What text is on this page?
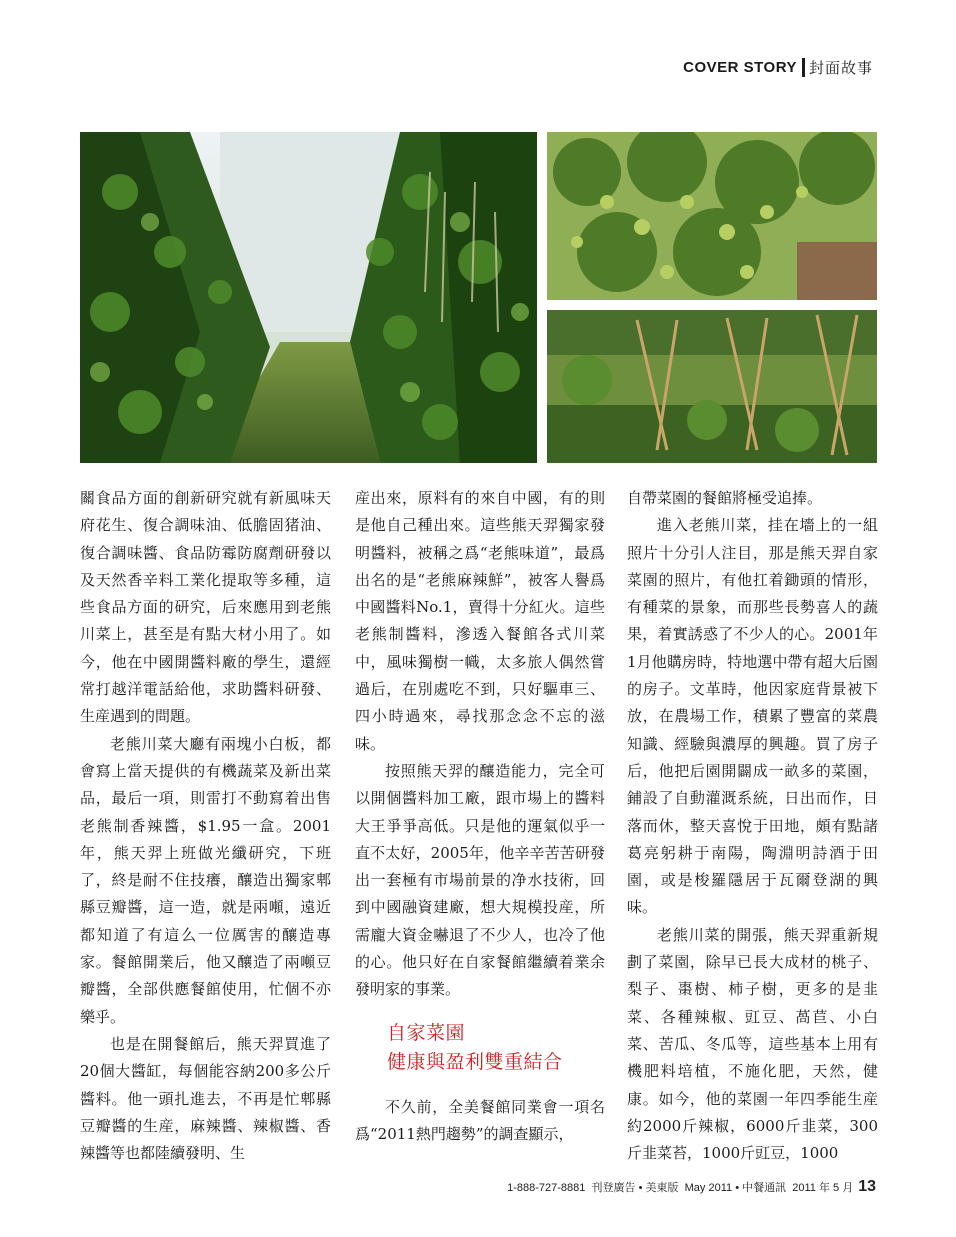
COVER STORY 封面故事

關食品方面的創新研究就有新風味天府花生、復合調味油、低膽固猪油、復合調味醬、食品防霉防腐劑研發以及天然香辛料工業化提取等多種，這些食品方面的研究，后來應用到老熊川菜上，甚至是有點大材小用了。如今，他在中國開醬料廠的學生，還經常打越洋電話給他，求助醬料研發、生産遇到的問題。

老熊川菜大廳有兩塊小白板，都會寫上當天提供的有機蔬菜及新出菜品，最后一項，則雷打不動寫着出售老熊制香辣醬，$1.95一盒。2001年，熊天羿上班做光纖研究，下班了，終是耐不住技癢，釀造出獨家郫縣豆瓣醬，這一造，就是兩噸，遠近都知道了有這么一位厲害的釀造專家。餐館開業后，他又釀造了兩噸豆瓣醬，全部供應餐館使用，忙個不亦樂乎。

也是在開餐館后，熊天羿買進了20個大醬缸，每個能容納200多公斤醬料。他一頭扎進去，不再是忙郫縣豆瓣醬的生産，麻辣醬、辣椒醬、香辣醬等也都陸續發明、生

産出來，原料有的來自中國，有的則是他自己種出來。這些熊天羿獨家發明醬料，被稱之爲“老熊味道”，最爲出名的是“老熊麻辣鮮”，被客人譽爲中國醬料No.1，賣得十分紅火。這些老熊制醬料，滲透入餐館各式川菜中，風味獨樹一幟，太多旅人偶然嘗過后，在別處吃不到，只好驅車三、四小時過來，尋找那念念不忘的滋味。

按照熊天羿的釀造能力，完全可以開個醬料加工廠，跟市場上的醬料大王爭爭高低。只是他的運氣似乎一直不太好，2005年，他辛辛苦苦研發出一套極有市場前景的净水技術，回到中國融資建廠，想大規模投産，所需龐大資金嚇退了不少人，也冷了他的心。他只好在自家餐館繼續着業余發明家的事業。

自家菜園
健康與盈利雙重結合

不久前，全美餐館同業會一項名爲“2011熱門趨勢”的調查顯示，

自帶菜園的餐館將極受追捧。

進入老熊川菜，挂在墻上的一組照片十分引人注目，那是熊天羿自家菜園的照片，有他扛着鋤頭的情形，有種菜的景象，而那些長勢喜人的蔬果，着實誘惑了不少人的心。2001年1月他購房時，特地選中帶有超大后園的房子。文革時，他因家庭背景被下放，在農場工作，積累了豐富的菜農知識、經驗與濃厚的興趣。買了房子后，他把后園開闢成一畝多的菜園，鋪設了自動灌溉系統，日出而作，日落而休，整天喜悅于田地，頗有點諸葛亮躬耕于南陽，陶淵明詩酒于田園，或是梭羅隱居于瓦爾登湖的興味。

老熊川菜的開張，熊天羿重新規劃了菜園，除早已長大成材的桃子、梨子、棗樹、柿子樹，更多的是韭菜、各種辣椒、豇豆、萵苣、小白菜、苦瓜、冬瓜等，這些基本上用有機肥料培植，不施化肥，天然，健康。如今，他的菜園一年四季能生産約2000斤辣椒，6000斤韭菜，300斤韭菜苔，1000斤豇豆，1000

1-888-727-8881
刊登廣告
•
美東版
May 2011
•
中餐通訊
2011 年 5 月 13
